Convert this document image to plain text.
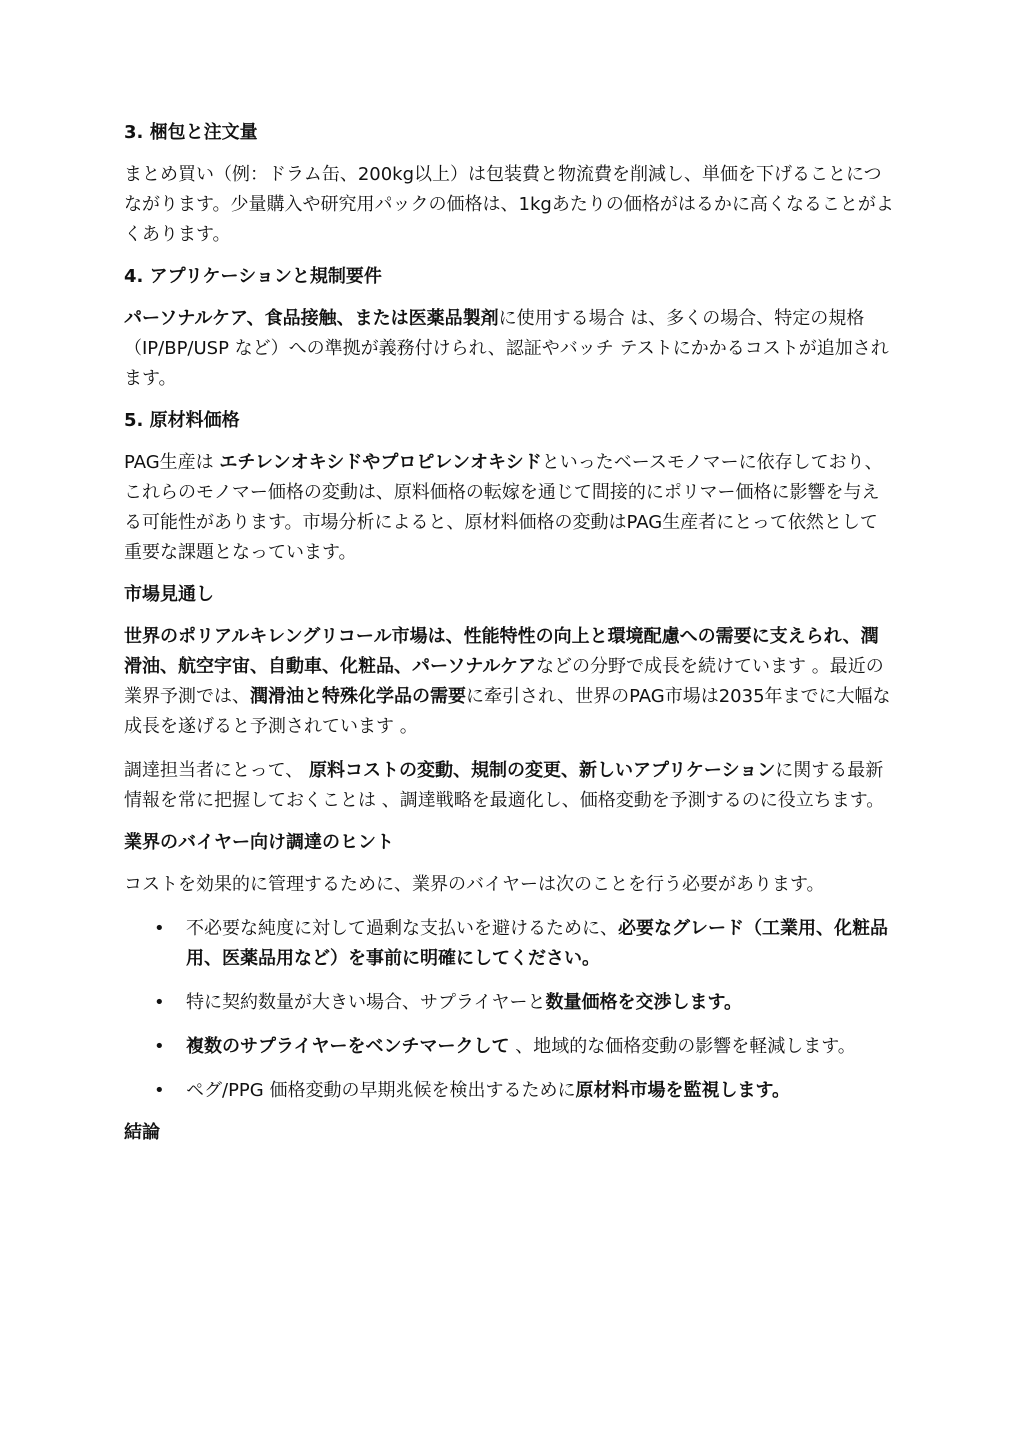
3. 梱包と注文量
まとめ買い（例：ドラム缶、200kg以上）は包装費と物流費を削減し、単価を下げることにつながります。少量購入や研究用パックの価格は、1kgあたりの価格がはるかに高くなることがよくあります。
4. アプリケーションと規制要件
パーソナルケア、食品接触、または医薬品製剤に使用する場合 は、多くの場合、特定の規格（IP/BP/USP など）への準拠が義務付けられ、認証やバッチ テストにかかるコストが追加されます。
5. 原材料価格
PAG生産は エチレンオキシドやプロピレンオキシドといったベースモノマーに依存しており、これらのモノマー価格の変動は、原料価格の転嫁を通じて間接的にポリマー価格に影響を与える可能性があります。市場分析によると、原材料価格の変動はPAG生産者にとって依然として重要な課題となっています。
市場見通し
世界のポリアルキレングリコール市場は、性能特性の向上と環境配慮への需要に支えられ、潤滑油、航空宇宙、自動車、化粧品、パーソナルケアなどの分野で成長を続けています 。最近の業界予測では、潤滑油と特殊化学品の需要に牽引され、世界のPAG市場は2035年までに大幅な成長を遂げると予測されています 。
調達担当者にとって、 原料コストの変動、規制の変更、新しいアプリケーションに関する最新情報を常に把握しておくことは 、調達戦略を最適化し、価格変動を予測するのに役立ちます。
業界のバイヤー向け調達のヒント
コストを効果的に管理するために、業界のバイヤーは次のことを行う必要があります。
• 不必要な純度に対して過剰な支払いを避けるために、必要なグレード（工業用、化粧品用、医薬品用など）を事前に明確にしてください。
• 特に契約数量が大きい場合、サプライヤーと数量価格を交渉します。
• 複数のサプライヤーをベンチマークして 、地域的な価格変動の影響を軽減します。
• ペグ/PPG 価格変動の早期兆候を検出するために原材料市場を監視します。
結論
